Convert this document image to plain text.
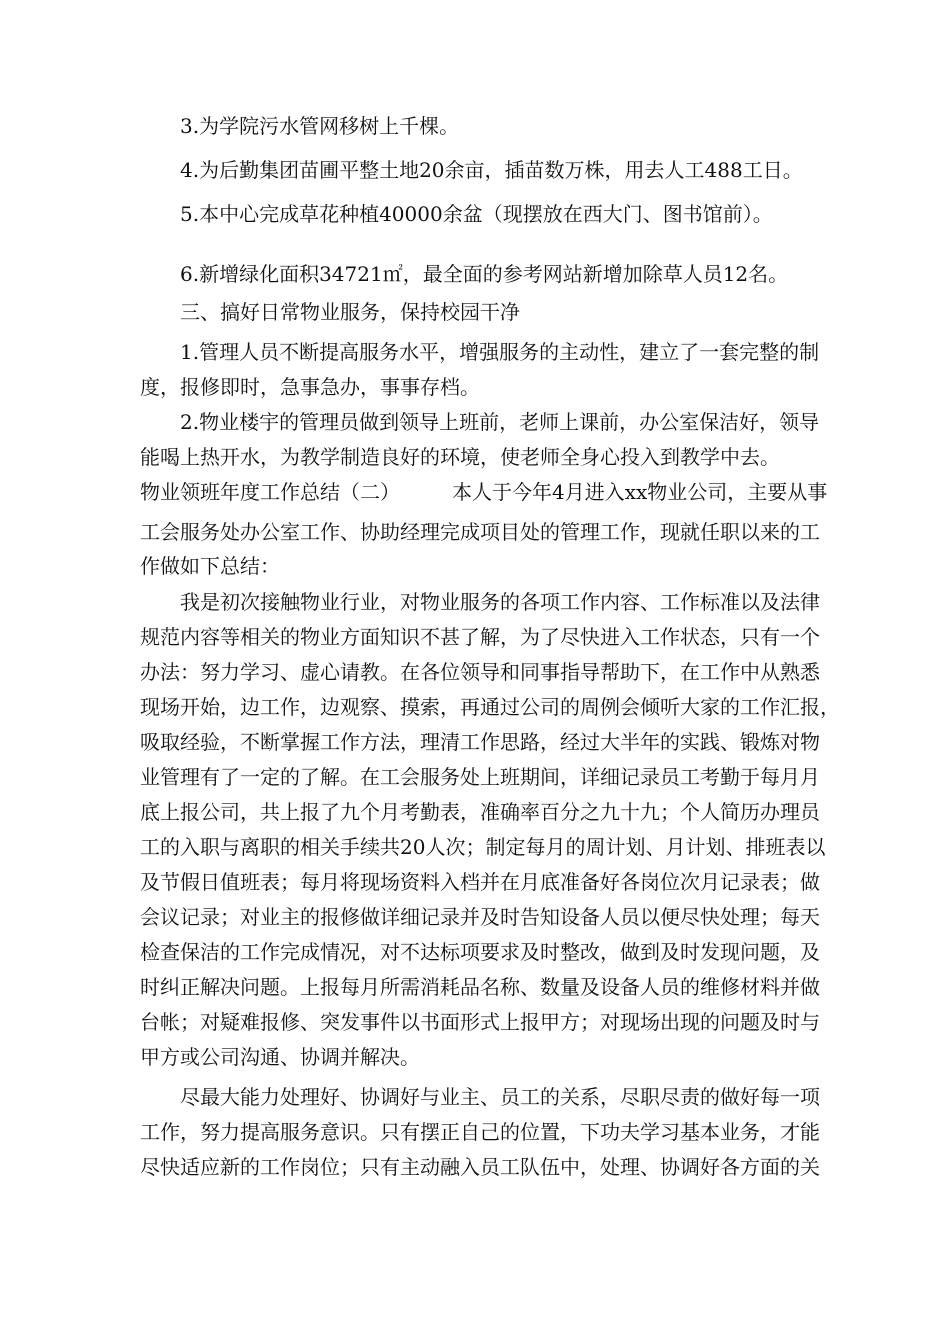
3.为学院污水管网移树上千棵。
4.为后勤集团苗圃平整土地20余亩，插苗数万株，用去人工488工日。
5.本中心完成草花种植40000余盆（现摆放在西大门、图书馆前）。
6.新增绿化面积34721㎡，最全面的参考网站新增加除草人员12名。
三、搞好日常物业服务，保持校园干净
1.管理人员不断提高服务水平，增强服务的主动性，建立了一套完整的制
度，报修即时，急事急办，事事存档。
2.物业楼宇的管理员做到领导上班前，老师上课前，办公室保洁好，领导
能喝上热开水，为教学制造良好的环境，使老师全身心投入到教学中去。
物业领班年度工作总结（二）	本人于今年4月进入xx物业公司，主要从事
工会服务处办公室工作、协助经理完成项目处的管理工作，现就任职以来的工
作做如下总结：
我是初次接触物业行业，对物业服务的各项工作内容、工作标准以及法律
规范内容等相关的物业方面知识不甚了解，为了尽快进入工作状态，只有一个
办法：努力学习、虚心请教。在各位领导和同事指导帮助下，在工作中从熟悉
现场开始，边工作，边观察、摸索，再通过公司的周例会倾听大家的工作汇报，
吸取经验，不断掌握工作方法，理清工作思路，经过大半年的实践、锻炼对物
业管理有了一定的了解。在工会服务处上班期间，详细记录员工考勤于每月月
底上报公司，共上报了九个月考勤表，准确率百分之九十九；个人简历办理员
工的入职与离职的相关手续共20人次；制定每月的周计划、月计划、排班表以
及节假日值班表；每月将现场资料入档并在月底准备好各岗位次月记录表；做
会议记录；对业主的报修做详细记录并及时告知设备人员以便尽快处理；每天
检查保洁的工作完成情况，对不达标项要求及时整改，做到及时发现问题，及
时纠正解决问题。上报每月所需消耗品名称、数量及设备人员的维修材料并做
台帐；对疑难报修、突发事件以书面形式上报甲方；对现场出现的问题及时与
甲方或公司沟通、协调并解决。
尽最大能力处理好、协调好与业主、员工的关系，尽职尽责的做好每一项
工作，努力提高服务意识。只有摆正自己的位置，下功夫学习基本业务，才能
尽快适应新的工作岗位；只有主动融入员工队伍中，处理、协调好各方面的关
